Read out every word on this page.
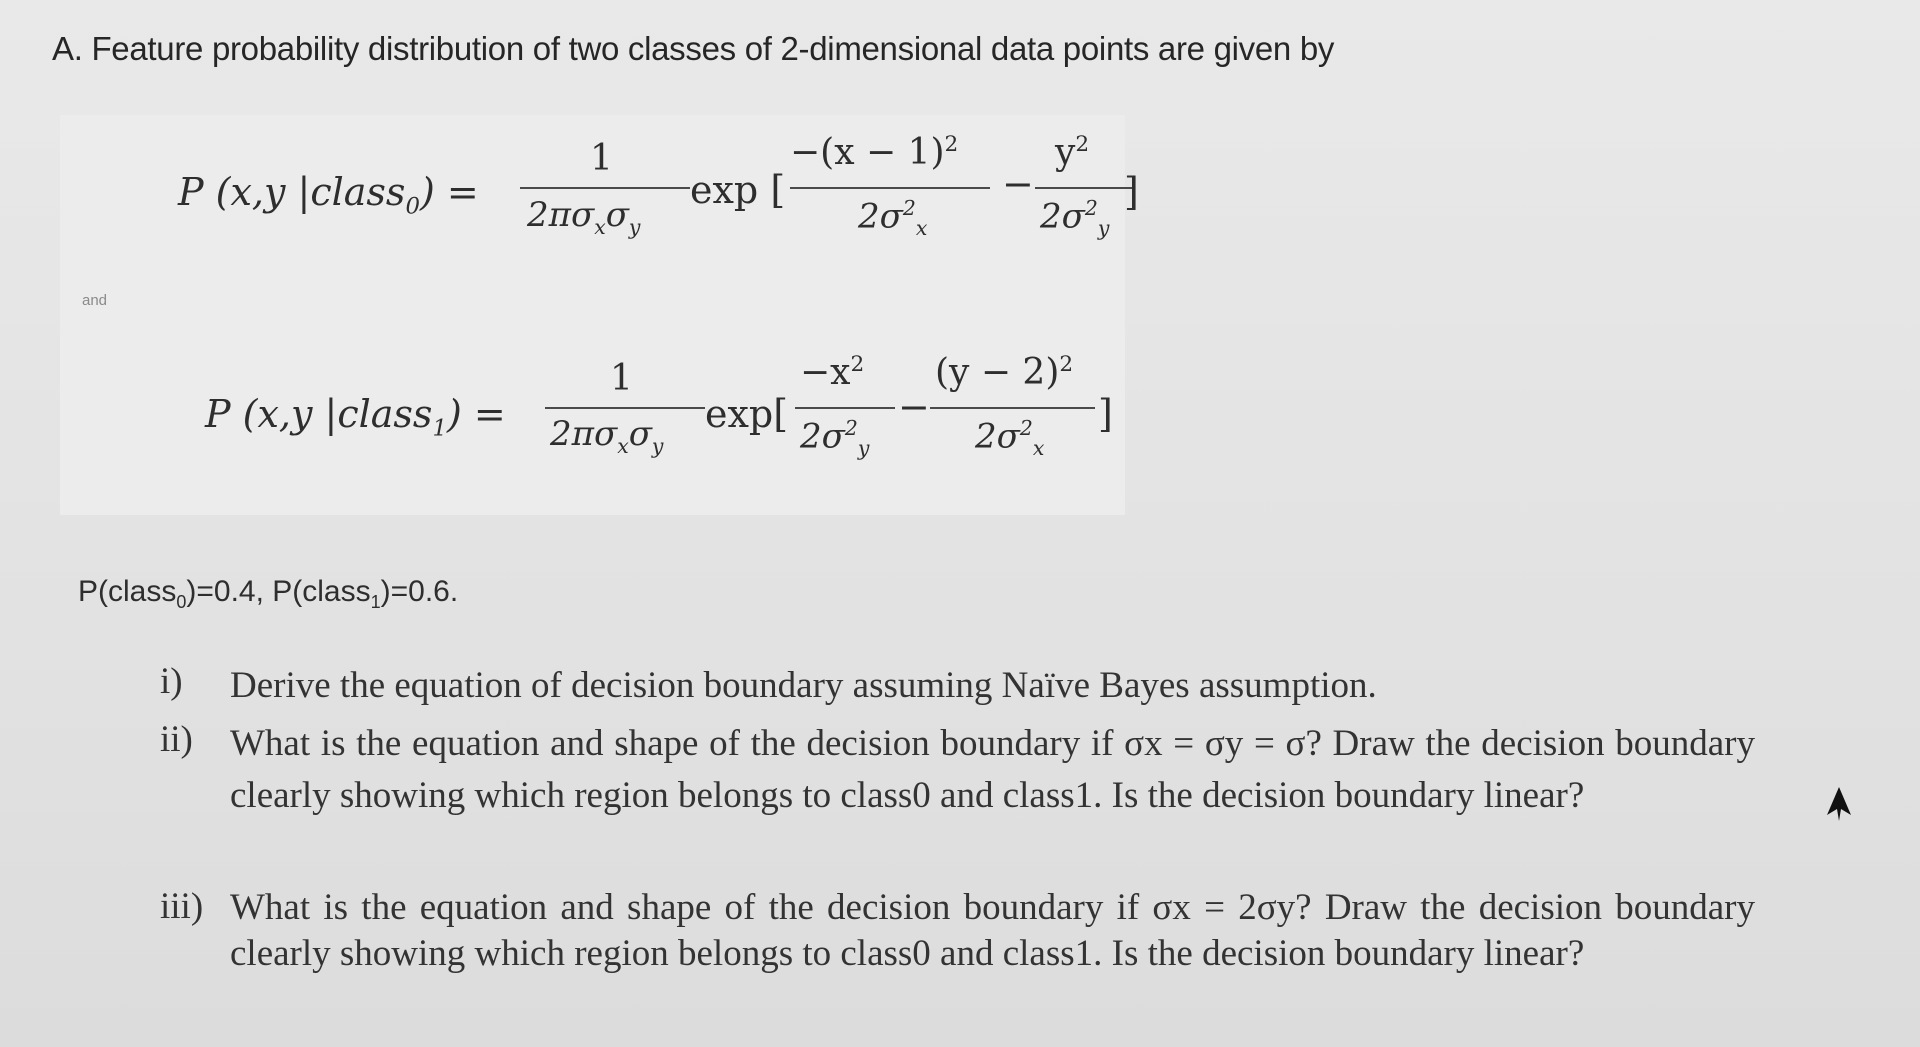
A. Feature probability distribution of two classes of 2-dimensional data points are given by
and
P (x,y |class$_0$) =
1
$2\pi\sigma_x\sigma_y$
exp [
$-(x - 1)^2$
$2\sigma^2_x$
−
$y^2$
$2\sigma^2_y$
]
P (x,y |class$_1$) =
1
$2\pi\sigma_x\sigma_y$
exp[
$-x^2$
$2\sigma^2_y$
−
$(y - 2)^2$
$2\sigma^2_x$
]
P(class$_0$)=0.4, P(class$_1$)=0.6.
i) Derive the equation of decision boundary assuming Naïve Bayes assumption.
ii) What is the equation and shape of the decision boundary if σx = σy = σ? Draw the decision boundary clearly showing which region belongs to class0 and class1. Is the decision boundary linear?
iii) What is the equation and shape of the decision boundary if σx = 2σy? Draw the decision boundary clearly showing which region belongs to class0 and class1. Is the decision boundary linear?
